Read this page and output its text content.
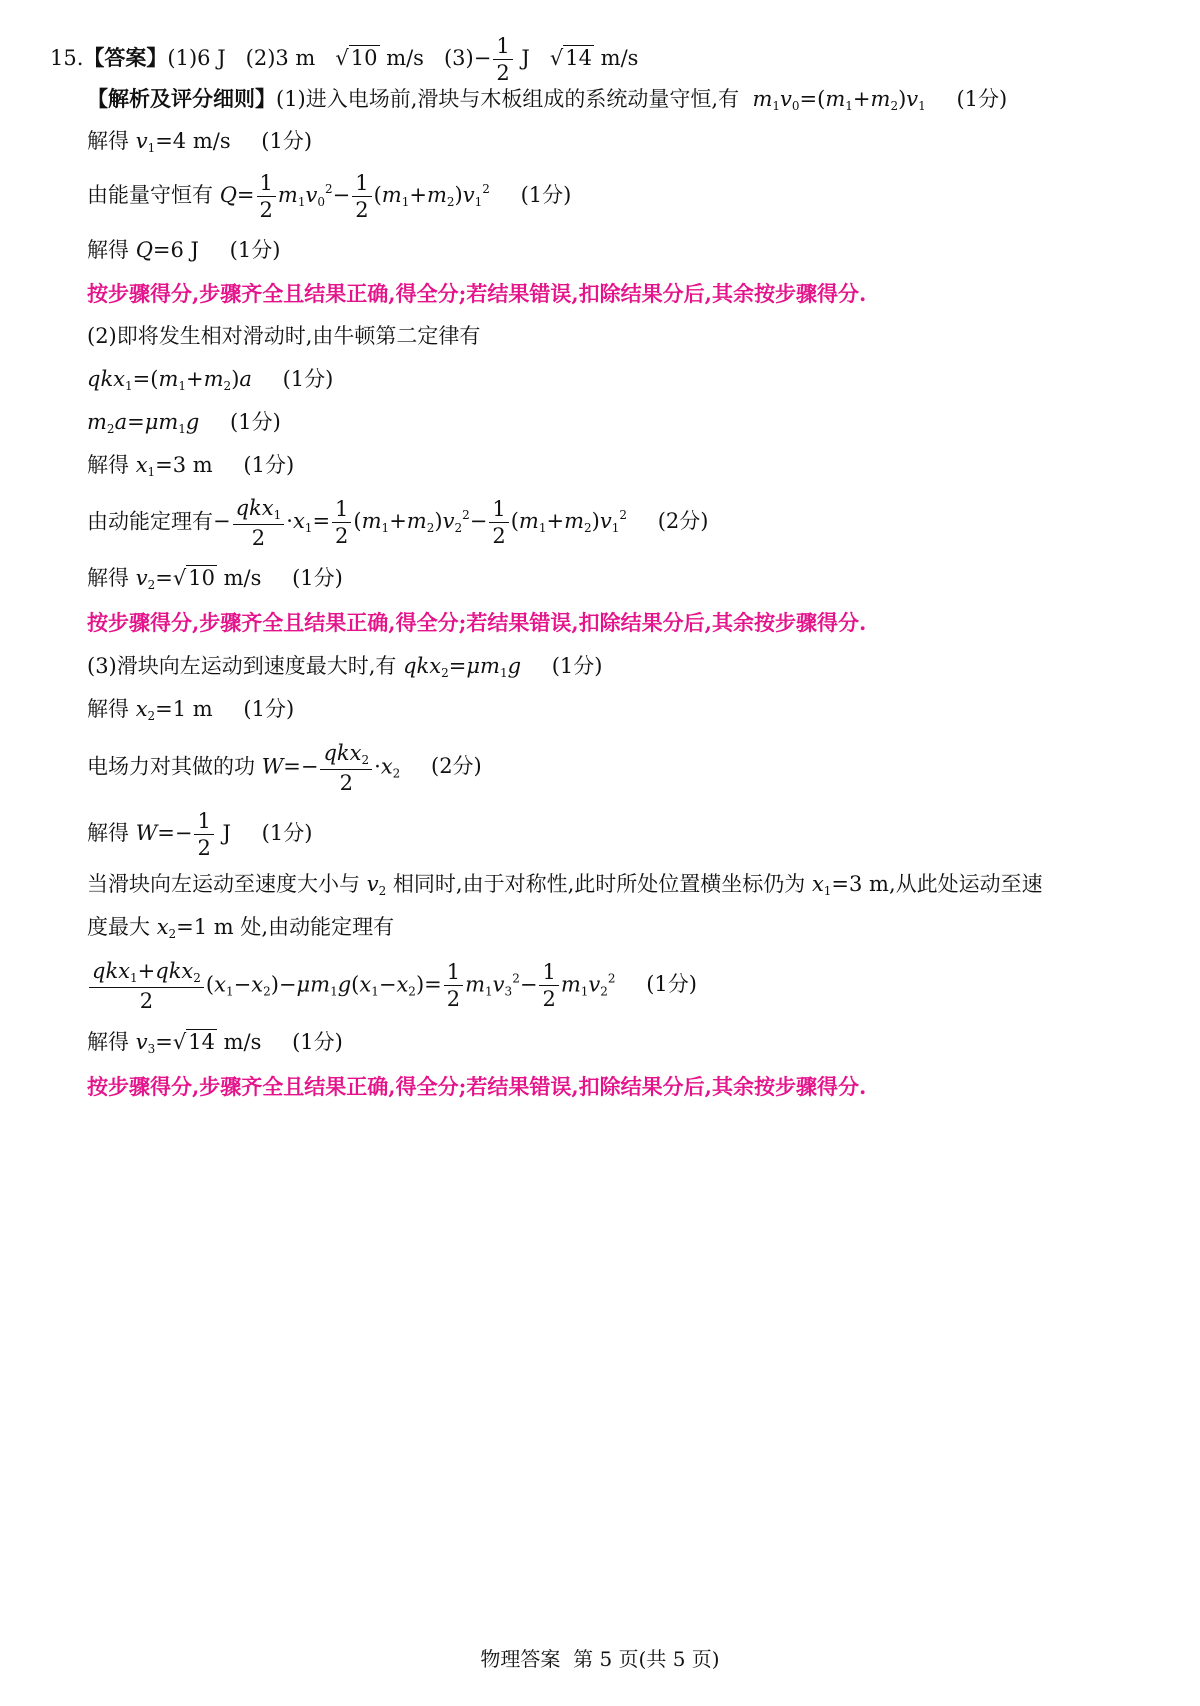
15.【答案】(1)6 J (2)3 m √10 m/s $(3)- \frac{1}{2}$ J √14 m/s
【解析及评分细则】(1)进入电场前,滑块与木板组成的系统动量守恒,有 $m_1v_0=(m_1+m_2)v_1$ (1分)
解得 $v_1=4$ m/s (1分)
由能量守恒有 $Q= \frac{1}{2} m_1v_0^2- \frac{1}{2} (m_1+m_2)v_1^2$ (1分)
解得 Q=6 J (1分)
按步骤得分,步骤齐全且结果正确,得全分;若结果错误,扣除结果分后,其余按步骤得分.
(2)即将发生相对滑动时,由牛顿第二定律有
$qkx_1=(m_1+m_2)a$ (1分)
$m_2a=\mu m_1g$ (1分)
解得 $x_1=3$ m (1分)
由动能定理有− $\frac{qkx_1}{2} \cdot x_1= \frac{1}{2} (m_1+m_2)v_2^2- \frac{1}{2} (m_1+m_2)v_1^2$ (2分)
解得 $v_2=√10$ m/s (1分)
按步骤得分,步骤齐全且结果正确,得全分;若结果错误,扣除结果分后,其余按步骤得分.
(3)滑块向左运动到速度最大时,有 $qkx_2=\mu m_1g$ (1分)
解得 $x_2=1$ m (1分)
电场力对其做的功 $W=- \frac{qkx_2}{2} \cdot x_2$ (2分)
解得 $W=- \frac{1}{2}$ J (1分)
当滑块向左运动至速度大小与 $v_2$ 相同时,由于对称性,此时所处位置横坐标仍为 $x_1=3$ m,从此处运动至速
度最大 $x_2=1$ m 处,由动能定理有
$\frac{qkx_1+qkx_2}{2} (x_1-x_2)-\mu m_1g(x_1-x_2)= \frac{1}{2} m_1v_3^2- \frac{1}{2} m_1v_2^2$ (1分)
解得 $v_3=√14$ m/s (1分)
按步骤得分,步骤齐全且结果正确,得全分;若结果错误,扣除结果分后,其余按步骤得分.
物理答案  第 5 页(共 5 页)
